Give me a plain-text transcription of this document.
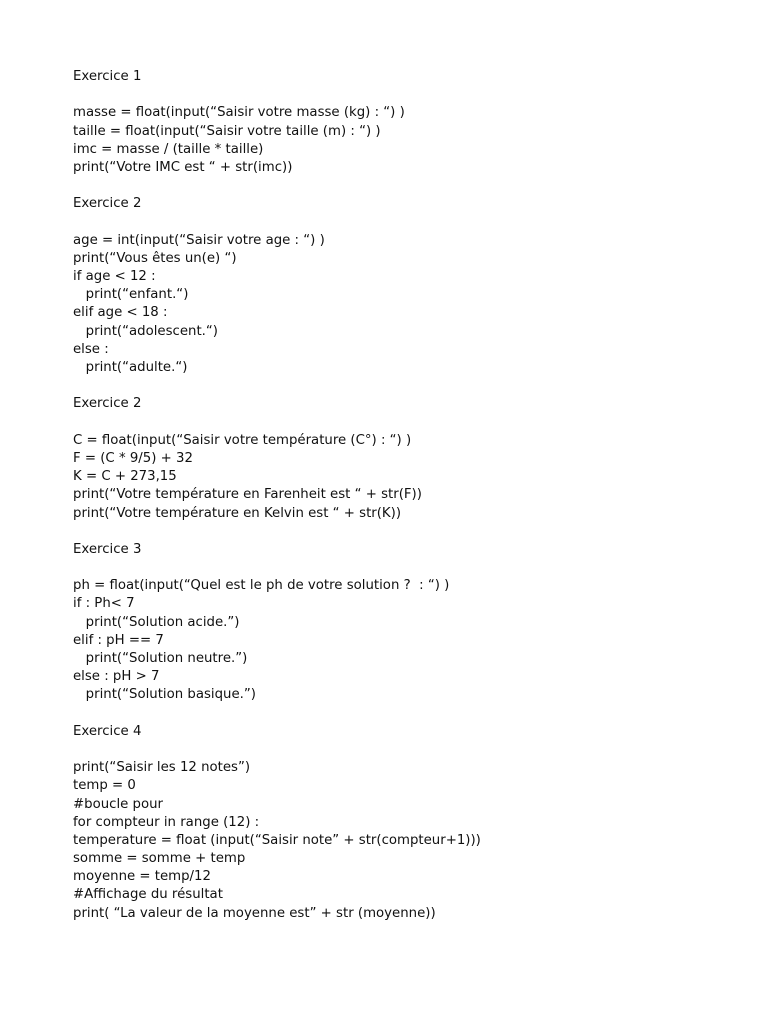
Exercice 1
masse = float(input(“Saisir votre masse (kg) : “) )
taille = float(input(“Saisir votre taille (m) : “) )
imc = masse / (taille * taille)
print(“Votre IMC est “ + str(imc))
Exercice 2
age = int(input(“Saisir votre age : “) )
print(“Vous êtes un(e) “)
if age < 12 :
print(“enfant.“)
elif age < 18 :
print(“adolescent.“)
else :
print(“adulte.“)
Exercice 2
C = float(input(“Saisir votre température (C°) : “) )
F = (C * 9/5) + 32
K = C + 273,15
print(“Votre température en Farenheit est “ + str(F))
print(“Votre température en Kelvin est “ + str(K))
Exercice 3
ph = float(input(“Quel est le ph de votre solution ?  : “) )
if : Ph< 7
print(“Solution acide.”)
elif : pH == 7
print(“Solution neutre.”)
else : pH > 7
print(“Solution basique.”)
Exercice 4
print(“Saisir les 12 notes”)
temp = 0
#boucle pour
for compteur in range (12) :
temperature = float (input(“Saisir note” + str(compteur+1)))
somme = somme + temp
moyenne = temp/12
#Affichage du résultat
print( “La valeur de la moyenne est” + str (moyenne))
